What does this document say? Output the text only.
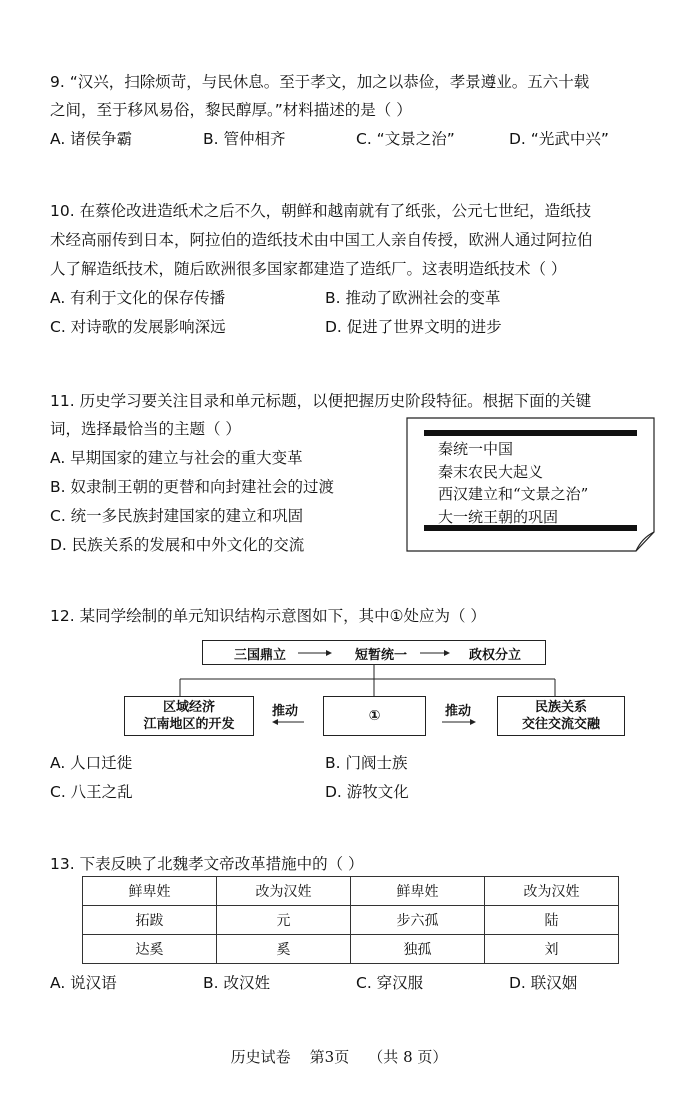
9. “汉兴，扫除烦苛，与民休息。至于孝文，加之以恭俭，孝景遵业。五六十载
之间，至于移风易俗，黎民醇厚。”材料描述的是（ ）
A. 诸侯争霸	B. 管仲相齐	C. “文景之治”	D. “光武中兴”
10. 在蔡伦改进造纸术之后不久，朝鲜和越南就有了纸张，公元七世纪，造纸技
术经高丽传到日本，阿拉伯的造纸技术由中国工人亲自传授，欧洲人通过阿拉伯
人了解造纸技术，随后欧洲很多国家都建造了造纸厂。这表明造纸技术（ ）
A. 有利于文化的保存传播	B. 推动了欧洲社会的变革
C. 对诗歌的发展影响深远	D. 促进了世界文明的进步
11. 历史学习要关注目录和单元标题，以便把握历史阶段特征。根据下面的关键
词，选择最恰当的主题（ ）
A. 早期国家的建立与社会的重大变革
B. 奴隶制王朝的更替和向封建社会的过渡
C. 统一多民族封建国家的建立和巩固
D. 民族关系的发展和中外文化的交流
秦统一中国
秦末农民大起义
西汉建立和“文景之治”
大一统王朝的巩固
12. 某同学绘制的单元知识结构示意图如下，其中①处应为（ ）
三国鼎立	短暂统一	政权分立
区域经济
江南地区的开发
①	民族关系
交往交流交融
推动	推动
A. 人口迁徙	B. 门阀士族
C. 八王之乱	D. 游牧文化
13. 下表反映了北魏孝文帝改革措施中的（ ）
鲜卑姓	改为汉姓	鲜卑姓	改为汉姓
拓跋	元	步六孤	陆
达奚	奚	独孤	刘
A. 说汉语	B. 改汉姓	C. 穿汉服	D. 联汉姻
历史试卷    第3页    （共 8 页）
